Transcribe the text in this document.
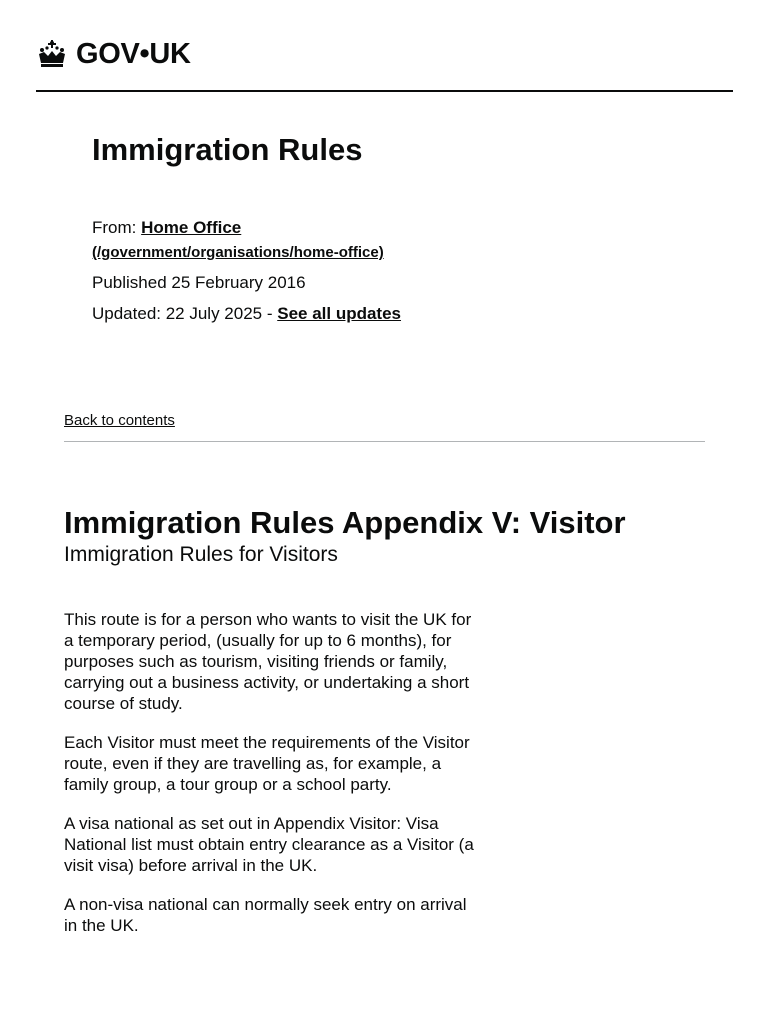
GOV•UK
Immigration Rules
From: Home Office
(/government/organisations/home-office)
Published 25 February 2016
Updated: 22 July 2025 - See all updates
Back to contents
Immigration Rules Appendix V: Visitor
Immigration Rules for Visitors

This route is for a person who wants to visit the UK for a temporary period, (usually for up to 6 months), for purposes such as tourism, visiting friends or family, carrying out a business activity, or undertaking a short course of study.

Each Visitor must meet the requirements of the Visitor route, even if they are travelling as, for example, a family group, a tour group or a school party.

A visa national as set out in Appendix Visitor: Visa National list must obtain entry clearance as a Visitor (a visit visa) before arrival in the UK.

A non-visa national can normally seek entry on arrival in the UK.
